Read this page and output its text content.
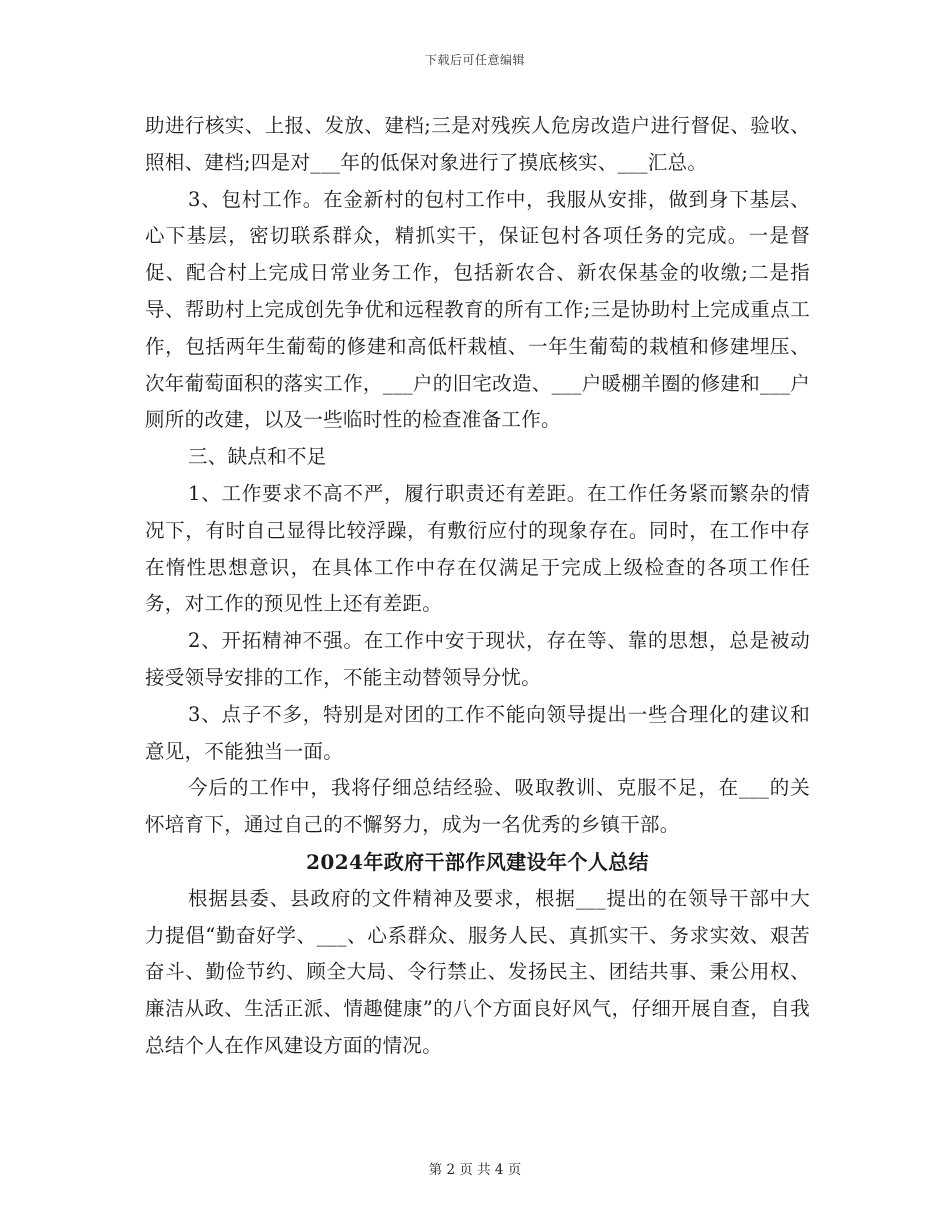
下载后可任意编辑

助进行核实、上报、发放、建档;三是对残疾人危房改造户进行督促、验收、照相、建档;四是对___年的低保对象进行了摸底核实、___汇总。

3、包村工作。在金新村的包村工作中，我服从安排，做到身下基层、心下基层，密切联系群众，精抓实干，保证包村各项任务的完成。一是督促、配合村上完成日常业务工作，包括新农合、新农保基金的收缴;二是指导、帮助村上完成创先争优和远程教育的所有工作;三是协助村上完成重点工作，包括两年生葡萄的修建和高低杆栽植、一年生葡萄的栽植和修建埋压、次年葡萄面积的落实工作，___户的旧宅改造、___户暖棚羊圈的修建和___户厕所的改建，以及一些临时性的检查准备工作。

三、缺点和不足

1、工作要求不高不严，履行职责还有差距。在工作任务紧而繁杂的情况下，有时自己显得比较浮躁，有敷衍应付的现象存在。同时，在工作中存在惰性思想意识，在具体工作中存在仅满足于完成上级检查的各项工作任务，对工作的预见性上还有差距。

2、开拓精神不强。在工作中安于现状，存在等、靠的思想，总是被动接受领导安排的工作，不能主动替领导分忧。

3、点子不多，特别是对团的工作不能向领导提出一些合理化的建议和意见，不能独当一面。

今后的工作中，我将仔细总结经验、吸取教训、克服不足，在___的关怀培育下，通过自己的不懈努力，成为一名优秀的乡镇干部。

2024年政府干部作风建设年个人总结

根据县委、县政府的文件精神及要求，根据___提出的在领导干部中大力提倡“勤奋好学、___、心系群众、服务人民、真抓实干、务求实效、艰苦奋斗、勤俭节约、顾全大局、令行禁止、发扬民主、团结共事、秉公用权、廉洁从政、生活正派、情趣健康”的八个方面良好风气，仔细开展自查，自我总结个人在作风建设方面的情况。

第 2 页 共 4 页
